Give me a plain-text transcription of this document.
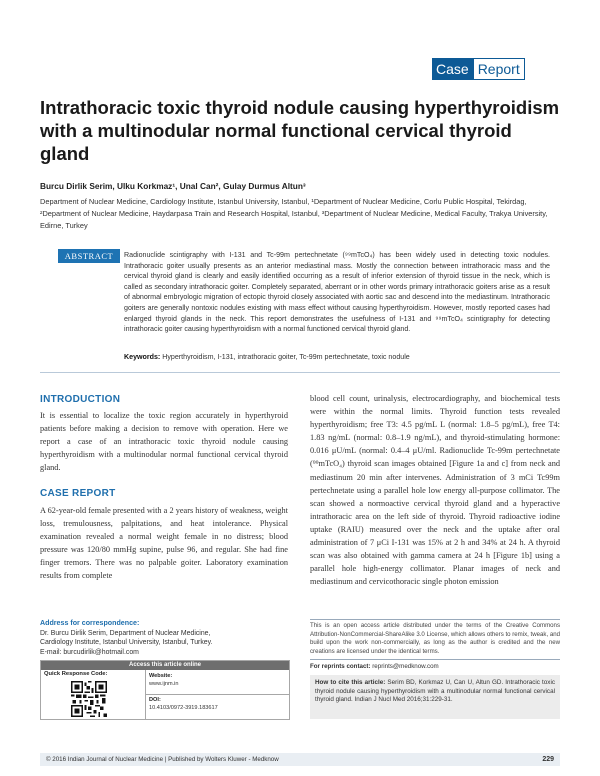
Case Report
Intrathoracic toxic thyroid nodule causing hyperthyroidism with a multinodular normal functional cervical thyroid gland
Burcu Dirlik Serim, Ulku Korkmaz¹, Unal Can², Gulay Durmus Altun³
Department of Nuclear Medicine, Cardiology Institute, Istanbul University, Istanbul, ¹Department of Nuclear Medicine, Corlu Public Hospital, Tekirdag, ²Department of Nuclear Medicine, Haydarpasa Train and Research Hospital, Istanbul, ³Department of Nuclear Medicine, Medical Faculty, Trakya University, Edirne, Turkey
ABSTRACT	Radionuclide scintigraphy with I-131 and Tc-99m pertechnetate (⁹⁹mTcO₄) has been widely used in detecting toxic nodules. Intrathoracic goiter usually presents as an anterior mediastinal mass. Mostly the connection between intrathoracic mass and the cervical thyroid gland is clearly and easily identified occurring as a result of inferior extension of thyroid tissue in the neck, which is called as secondary intrathoracic goiter. Completely separated, aberrant or in other words primary intrathoracic goiters arise as a result of abnormal embryologic migration of ectopic thyroid closely associated with aortic sac and descend into the mediastinum. Intrathoracic goiters are generally nontoxic nodules existing with mass effect without causing hyperthyroidism. However, mostly reported cases had enlarged thyroid glands in the neck. This report demonstrates the usefulness of I-131 and ⁹⁹mTcO₄ scintigraphy for detecting intrathoracic goiter causing hyperthyroidism with a normal functioned cervical thyroid gland.
Keywords: Hyperthyroidism, I-131, intrathoracic goiter, Tc-99m pertechnetate, toxic nodule
INTRODUCTION
It is essential to localize the toxic region accurately in hyperthyroid patients before making a decision to remove with operation. Here we report a case of an intrathoracic toxic thyroid nodule causing hyperthyroidism with a multinodular normal functional cervical thyroid gland.
CASE REPORT
A 62-year-old female presented with a 2 years history of weakness, weight loss, tremulousness, palpitations, and heat intolerance. Physical examination revealed a normal weight female in no distress; blood pressure was 120/80 mmHg supine, pulse 96, and regular. She had fine finger tremors. There was no palpable goiter. Laboratory examination results from complete
blood cell count, urinalysis, electrocardiography, and biochemical tests were within the normal limits. Thyroid function tests revealed hyperthyroidism; free T3: 4.5 pg/mL L (normal: 1.8–5 pg/mL), free T4: 1.83 ng/mL (normal: 0.8–1.9 ng/mL), and thyroid-stimulating hormone: 0.016 μU/mL (normal: 0.4–4 μU/ml. Radionuclide Tc-99m pertechnetate (⁹⁹mTcO₄) thyroid scan images obtained [Figure 1a and c] from neck and mediastinum 20 min after intervenes. Administration of 3 mCi Tc99m pertechnetate using a parallel hole low energy all-purpose collimator. The scan showed a normoactive cervical thyroid gland and a hyperactive intrathoracic area on the left side of thyroid. Thyroid radioactive iodine uptake (RAIU) measured over the neck and the uptake after oral administration of 7 μCi I-131 was 15% at 2 h and 34% at 24 h. A thyroid scan was also obtained with gamma camera at 24 h [Figure 1b] using a parallel hole high-energy collimator. Planar images of neck and mediastinum and cervicothoracic single photon emission
Address for correspondence:
Dr. Burcu Dirlik Serim, Department of Nuclear Medicine,
Cardiology Institute, Istanbul University, Istanbul, Turkey.
E-mail: burcudirlik@hotmail.com
Access this article online
Quick Response Code:	Website:
www.ijnm.in
DOI:
10.4103/0972-3919.183617
This is an open access article distributed under the terms of the Creative Commons Attribution-NonCommercial-ShareAlike 3.0 License, which allows others to remix, tweak, and build upon the work non-commercially, as long as the author is credited and the new creations are licensed under the identical terms.
For reprints contact: reprints@medknow.com
How to cite this article: Serim BD, Korkmaz U, Can U, Altun GD. Intrathoracic toxic thyroid nodule causing hyperthyroidism with a multinodular normal functional cervical thyroid gland. Indian J Nucl Med 2016;31:229-31.
© 2016 Indian Journal of Nuclear Medicine | Published by Wolters Kluwer - Medknow	229
